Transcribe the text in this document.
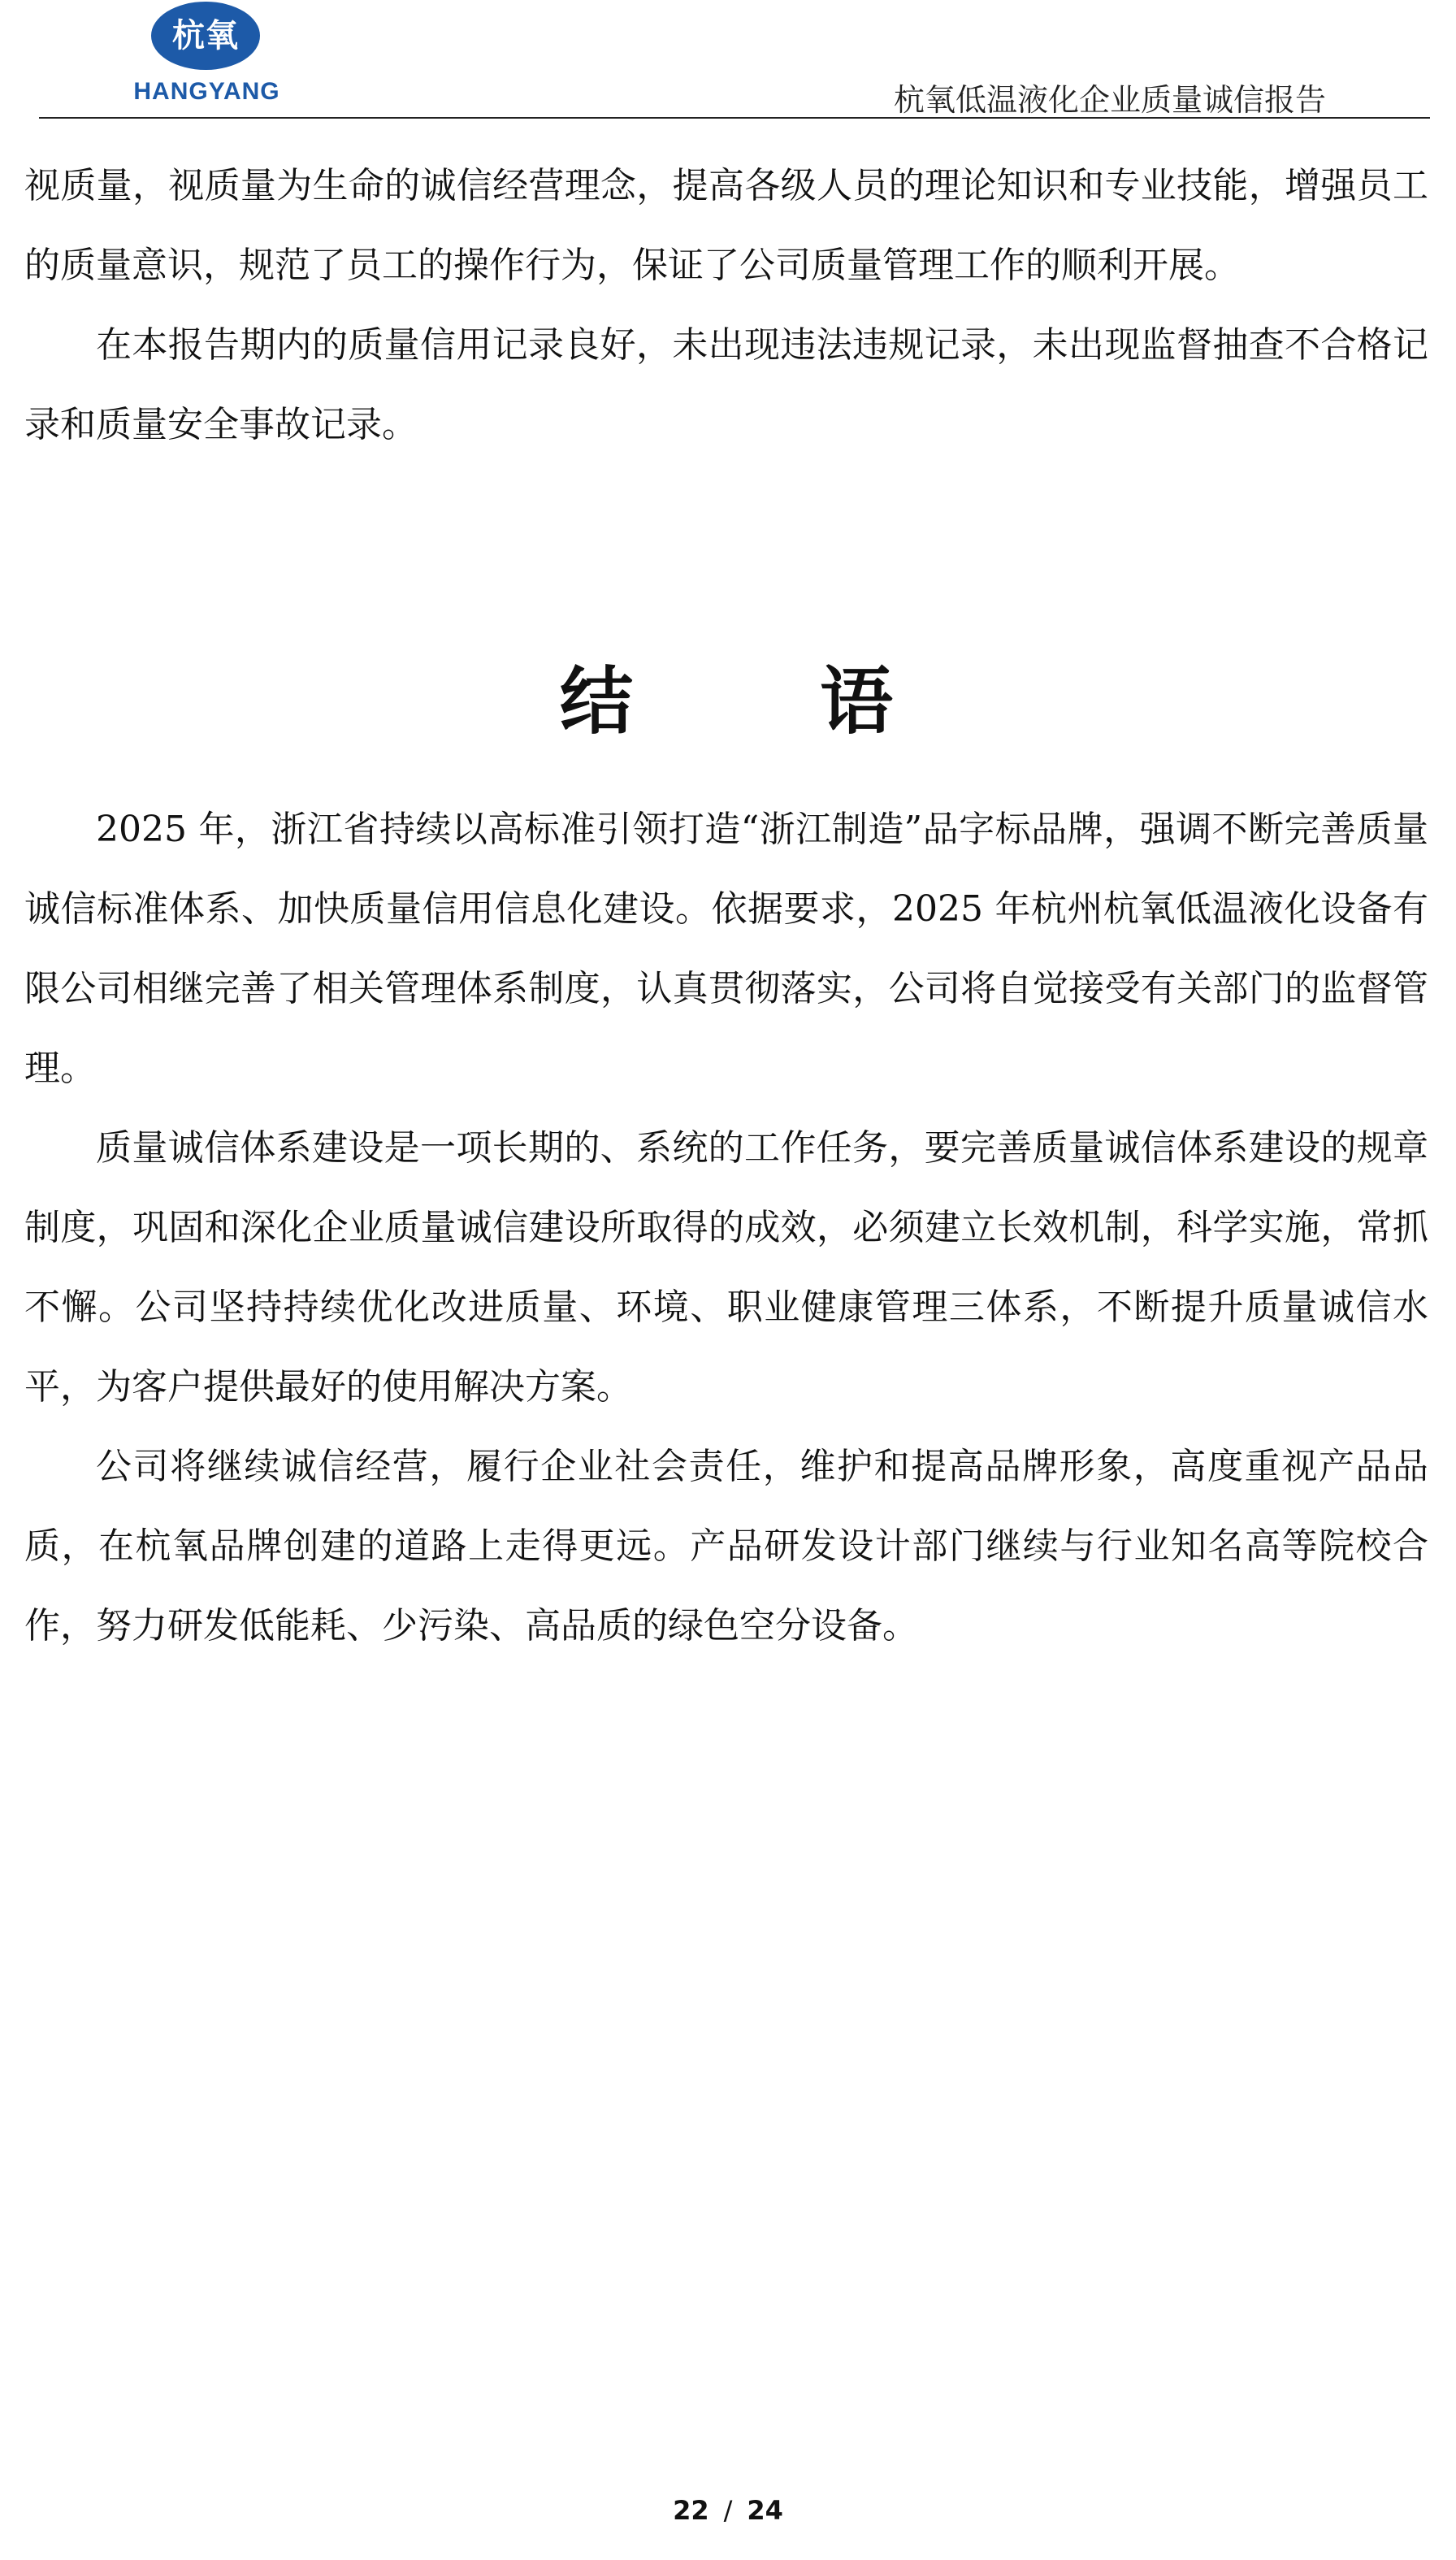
杭氧
HANGYANG	杭氧低温液化企业质量诚信报告

视质量，视质量为生命的诚信经营理念，提高各级人员的理论知识和专业技能，增强员工的质量意识，规范了员工的操作行为，保证了公司质量管理工作的顺利开展。

在本报告期内的质量信用记录良好，未出现违法违规记录，未出现监督抽查不合格记录和质量安全事故记录。

结	语

2025 年，浙江省持续以高标准引领打造“浙江制造”品字标品牌，强调不断完善质量诚信标准体系、加快质量信用信息化建设。依据要求，2025 年杭州杭氧低温液化设备有限公司相继完善了相关管理体系制度，认真贯彻落实，公司将自觉接受有关部门的监督管理。

质量诚信体系建设是一项长期的、系统的工作任务，要完善质量诚信体系建设的规章制度，巩固和深化企业质量诚信建设所取得的成效，必须建立长效机制，科学实施，常抓不懈。公司坚持持续优化改进质量、环境、职业健康管理三体系，不断提升质量诚信水平，为客户提供最好的使用解决方案。

公司将继续诚信经营，履行企业社会责任，维护和提高品牌形象，高度重视产品品质，在杭氧品牌创建的道路上走得更远。产品研发设计部门继续与行业知名高等院校合作，努力研发低能耗、少污染、高品质的绿色空分设备。

22 / 24
